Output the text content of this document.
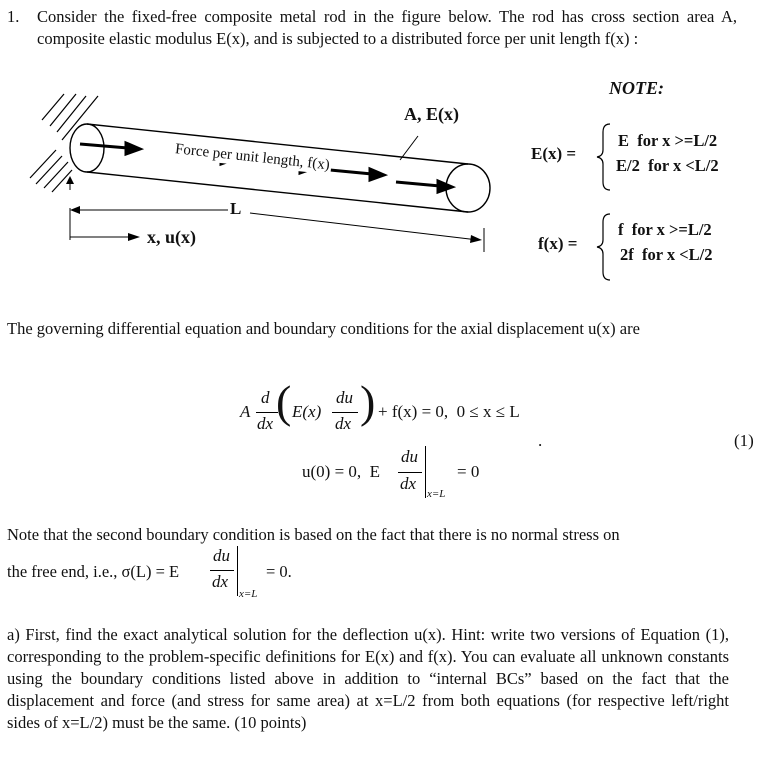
1. Consider the fixed-free composite metal rod in the figure below. The rod has cross section area A, composite elastic modulus E(x), and is subjected to a distributed force per unit length f(x) :
A, E(x)
Force per unit length, f(x)
L
x, u(x)
NOTE:
E(x) =
E  for x >=L/2
E/2  for x <L/2
f(x) =
f  for x >=L/2
2f  for x <L/2
The governing differential equation and boundary conditions for the axial displacement u(x) are
A
d
dx ( E(x)
du
dx ) + f(x) = 0,  0 ≤ x ≤ L
u(0) = 0,  E
du
dx
x=L
= 0
.	(1)
Note that the second boundary condition is based on the fact that there is no normal stress on
the free end, i.e., σ(L) = E
du
dx
x=L
= 0.
a) First, find the exact analytical solution for the deflection u(x). Hint: write two versions of Equation (1), corresponding to the problem-specific definitions for E(x) and f(x). You can evaluate all unknown constants using the boundary conditions listed above in addition to “internal BCs” based on the fact that the displacement and force (and stress for same area) at x=L/2 from both equations (for respective left/right sides of x=L/2) must be the same. (10 points)
